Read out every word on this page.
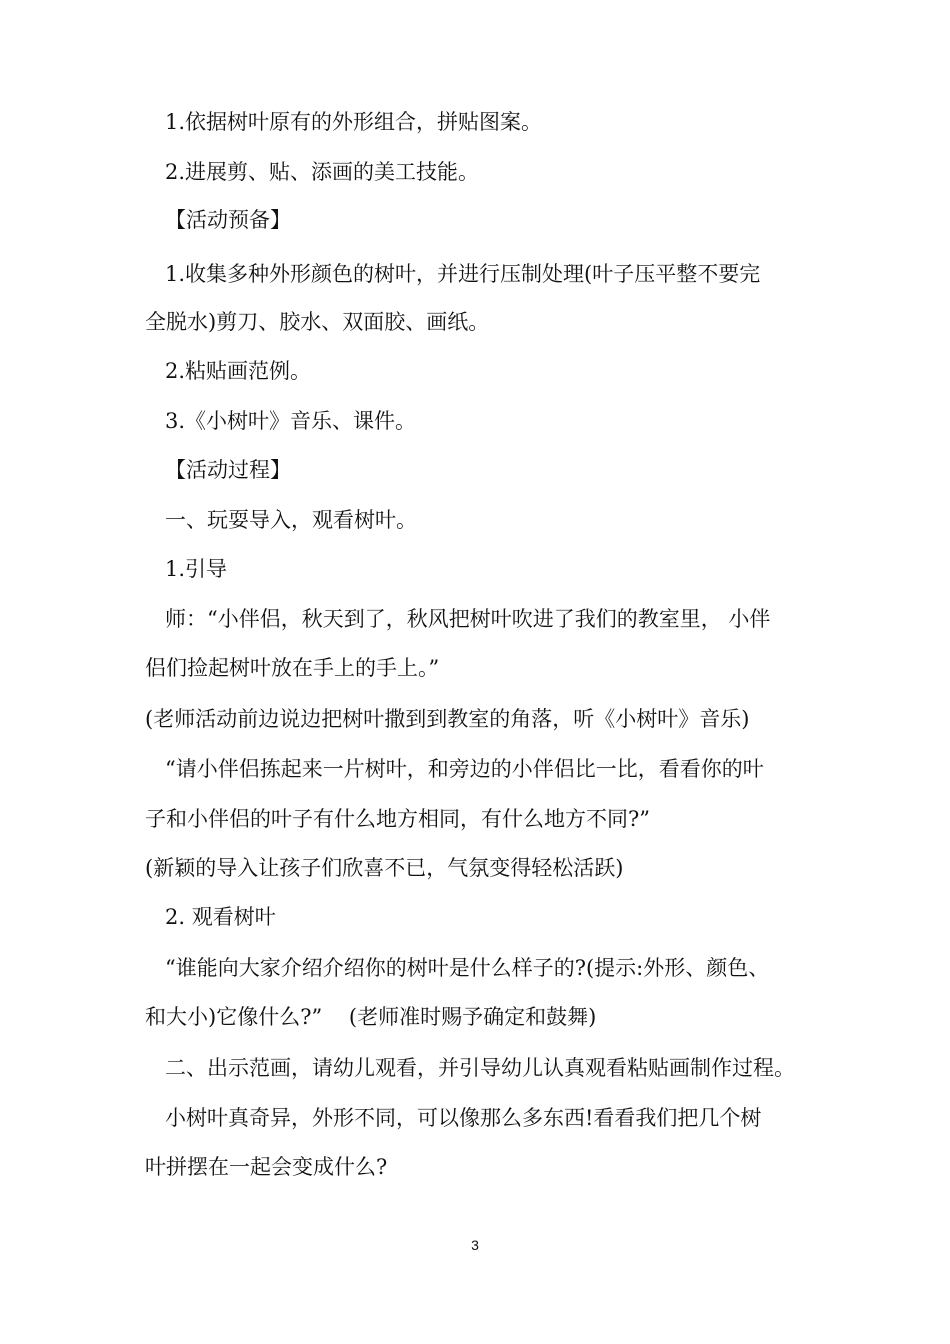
1.依据树叶原有的外形组合，拼贴图案。
2.进展剪、贴、添画的美工技能。
【活动预备】
1.收集多种外形颜色的树叶，并进行压制处理(叶子压平整不要完
全脱水)剪刀、胶水、双面胶、画纸。
2.粘贴画范例。
3.《小树叶》音乐、课件。
【活动过程】
一、玩耍导入，观看树叶。
1.引导
师：“小伴侣，秋天到了，秋风把树叶吹进了我们的教室里， 小伴
侣们捡起树叶放在手上的手上。”
(老师活动前边说边把树叶撒到到教室的角落，听《小树叶》音乐)
“请小伴侣拣起来一片树叶，和旁边的小伴侣比一比，看看你的叶
子和小伴侣的叶子有什么地方相同，有什么地方不同?”
(新颖的导入让孩子们欣喜不已，气氛变得轻松活跃)
2. 观看树叶
“谁能向大家介绍介绍你的树叶是什么样子的?(提示:外形、颜色、
和大小)它像什么?”    (老师准时赐予确定和鼓舞)
二、出示范画，请幼儿观看，并引导幼儿认真观看粘贴画制作过程。
小树叶真奇异，外形不同，可以像那么多东西!看看我们把几个树
叶拼摆在一起会变成什么?
3
